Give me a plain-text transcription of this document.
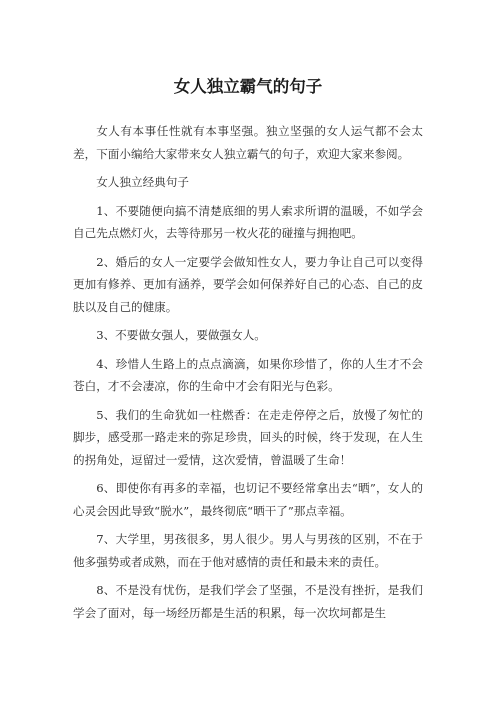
女人独立霸气的句子

女人有本事任性就有本事坚强。独立坚强的女人运气都不会太差，下面小编给大家带来女人独立霸气的句子，欢迎大家来参阅。

女人独立经典句子

1、不要随便向搞不清楚底细的男人索求所谓的温暖，不如学会自己先点燃灯火，去等待那另一枚火花的碰撞与拥抱吧。

2、婚后的女人一定要学会做知性女人，要力争让自己可以变得更加有修养、更加有涵养，要学会如何保养好自己的心态、自己的皮肤以及自己的健康。

3、不要做女强人，要做强女人。

4、珍惜人生路上的点点滴滴，如果你珍惜了，你的人生才不会苍白，才不会凄凉，你的生命中才会有阳光与色彩。

5、我们的生命犹如一柱燃香：在走走停停之后，放慢了匆忙的脚步，感受那一路走来的弥足珍贵，回头的时候，终于发现，在人生的拐角处，逗留过一爱情，这次爱情，曾温暖了生命！

6、即使你有再多的幸福，也切记不要经常拿出去“晒”，女人的心灵会因此导致“脱水”，最终彻底“晒干了”那点幸福。

7、大学里，男孩很多，男人很少。男人与男孩的区别，不在于他多强势或者成熟，而在于他对感情的责任和最未来的责任。

8、不是没有忧伤，是我们学会了坚强，不是没有挫折，是我们学会了面对，每一场经历都是生活的积累，每一次坎坷都是生
